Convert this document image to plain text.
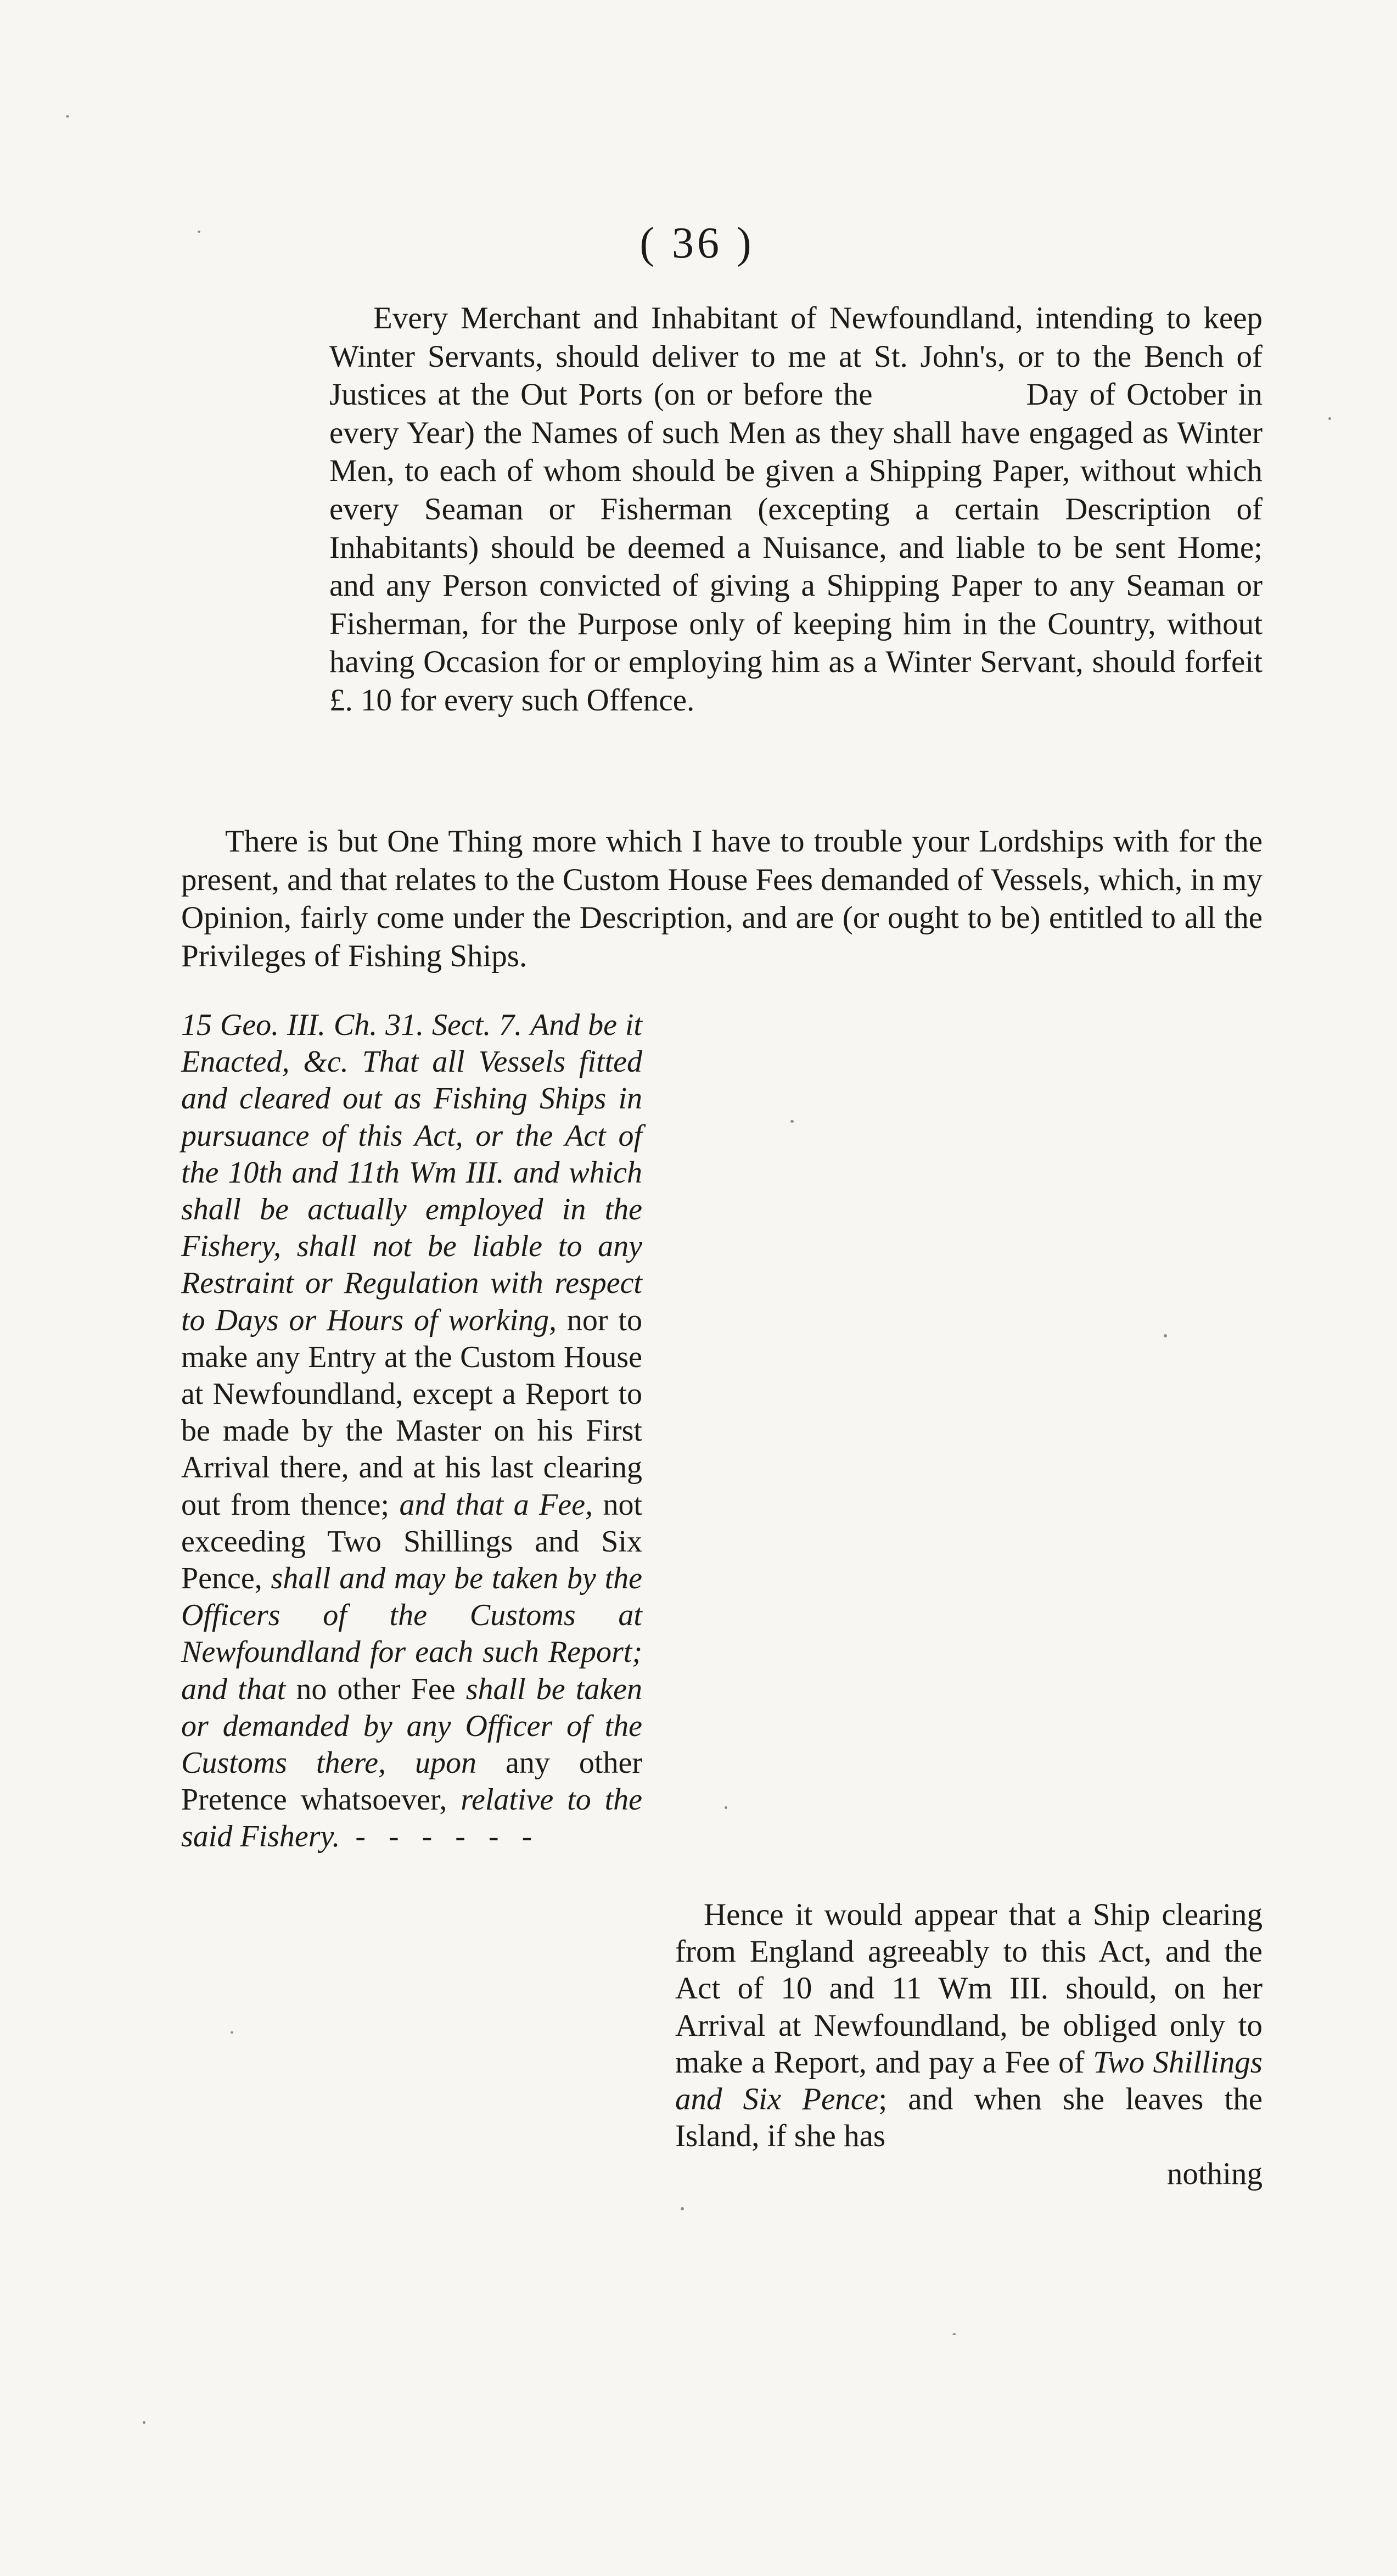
( 36 )
Every Merchant and Inhabitant of Newfoundland, intending to keep Winter Servants, should deliver to me at St. John's, or to the Bench of Justices at the Out Ports (on or before the	Day of October in every Year) the Names of such Men as they shall have engaged as Winter Men, to each of whom should be given a Shipping Paper, without which every Seaman or Fisherman (excepting a certain Description of Inhabitants) should be deemed a Nuisance, and liable to be sent Home; and any Person convicted of giving a Shipping Paper to any Seaman or Fisherman, for the Purpose only of keeping him in the Country, without having Occasion for or employing him as a Winter Servant, should forfeit £. 10 for every such Offence.
There is but One Thing more which I have to trouble your Lordships with for the present, and that relates to the Custom House Fees demanded of Vessels, which, in my Opinion, fairly come under the Description, and are (or ought to be) entitled to all the Privileges of Fishing Ships.
15 Geo. III. Ch. 31. Sect. 7. And be it Enacted, &c. That all Vessels fitted and cleared out as Fishing Ships in pursuance of this Act, or the Act of the 10th and 11th Wm III. and which shall be actually employed in the Fishery, shall not be liable to any Restraint or Regulation with respect to Days or Hours of working, nor to make any Entry at the Custom House at Newfoundland, except a Report to be made by the Master on his First Arrival there, and at his last clearing out from thence; and that a Fee, not exceeding Two Shillings and Six Pence, shall and may be taken by the Officers of the Customs at Newfoundland for each such Report; and that no other Fee shall be taken or demanded by any Officer of the Customs there, upon any other Pretence whatsoever, relative to the said Fishery. - - - - - -
Hence it would appear that a Ship clearing from England agreeably to this Act, and the Act of 10 and 11 Wm III. should, on her Arrival at Newfoundland, be obliged only to make a Report, and pay a Fee of Two Shillings and Six Pence; and when she leaves the Island, if she has
nothing
